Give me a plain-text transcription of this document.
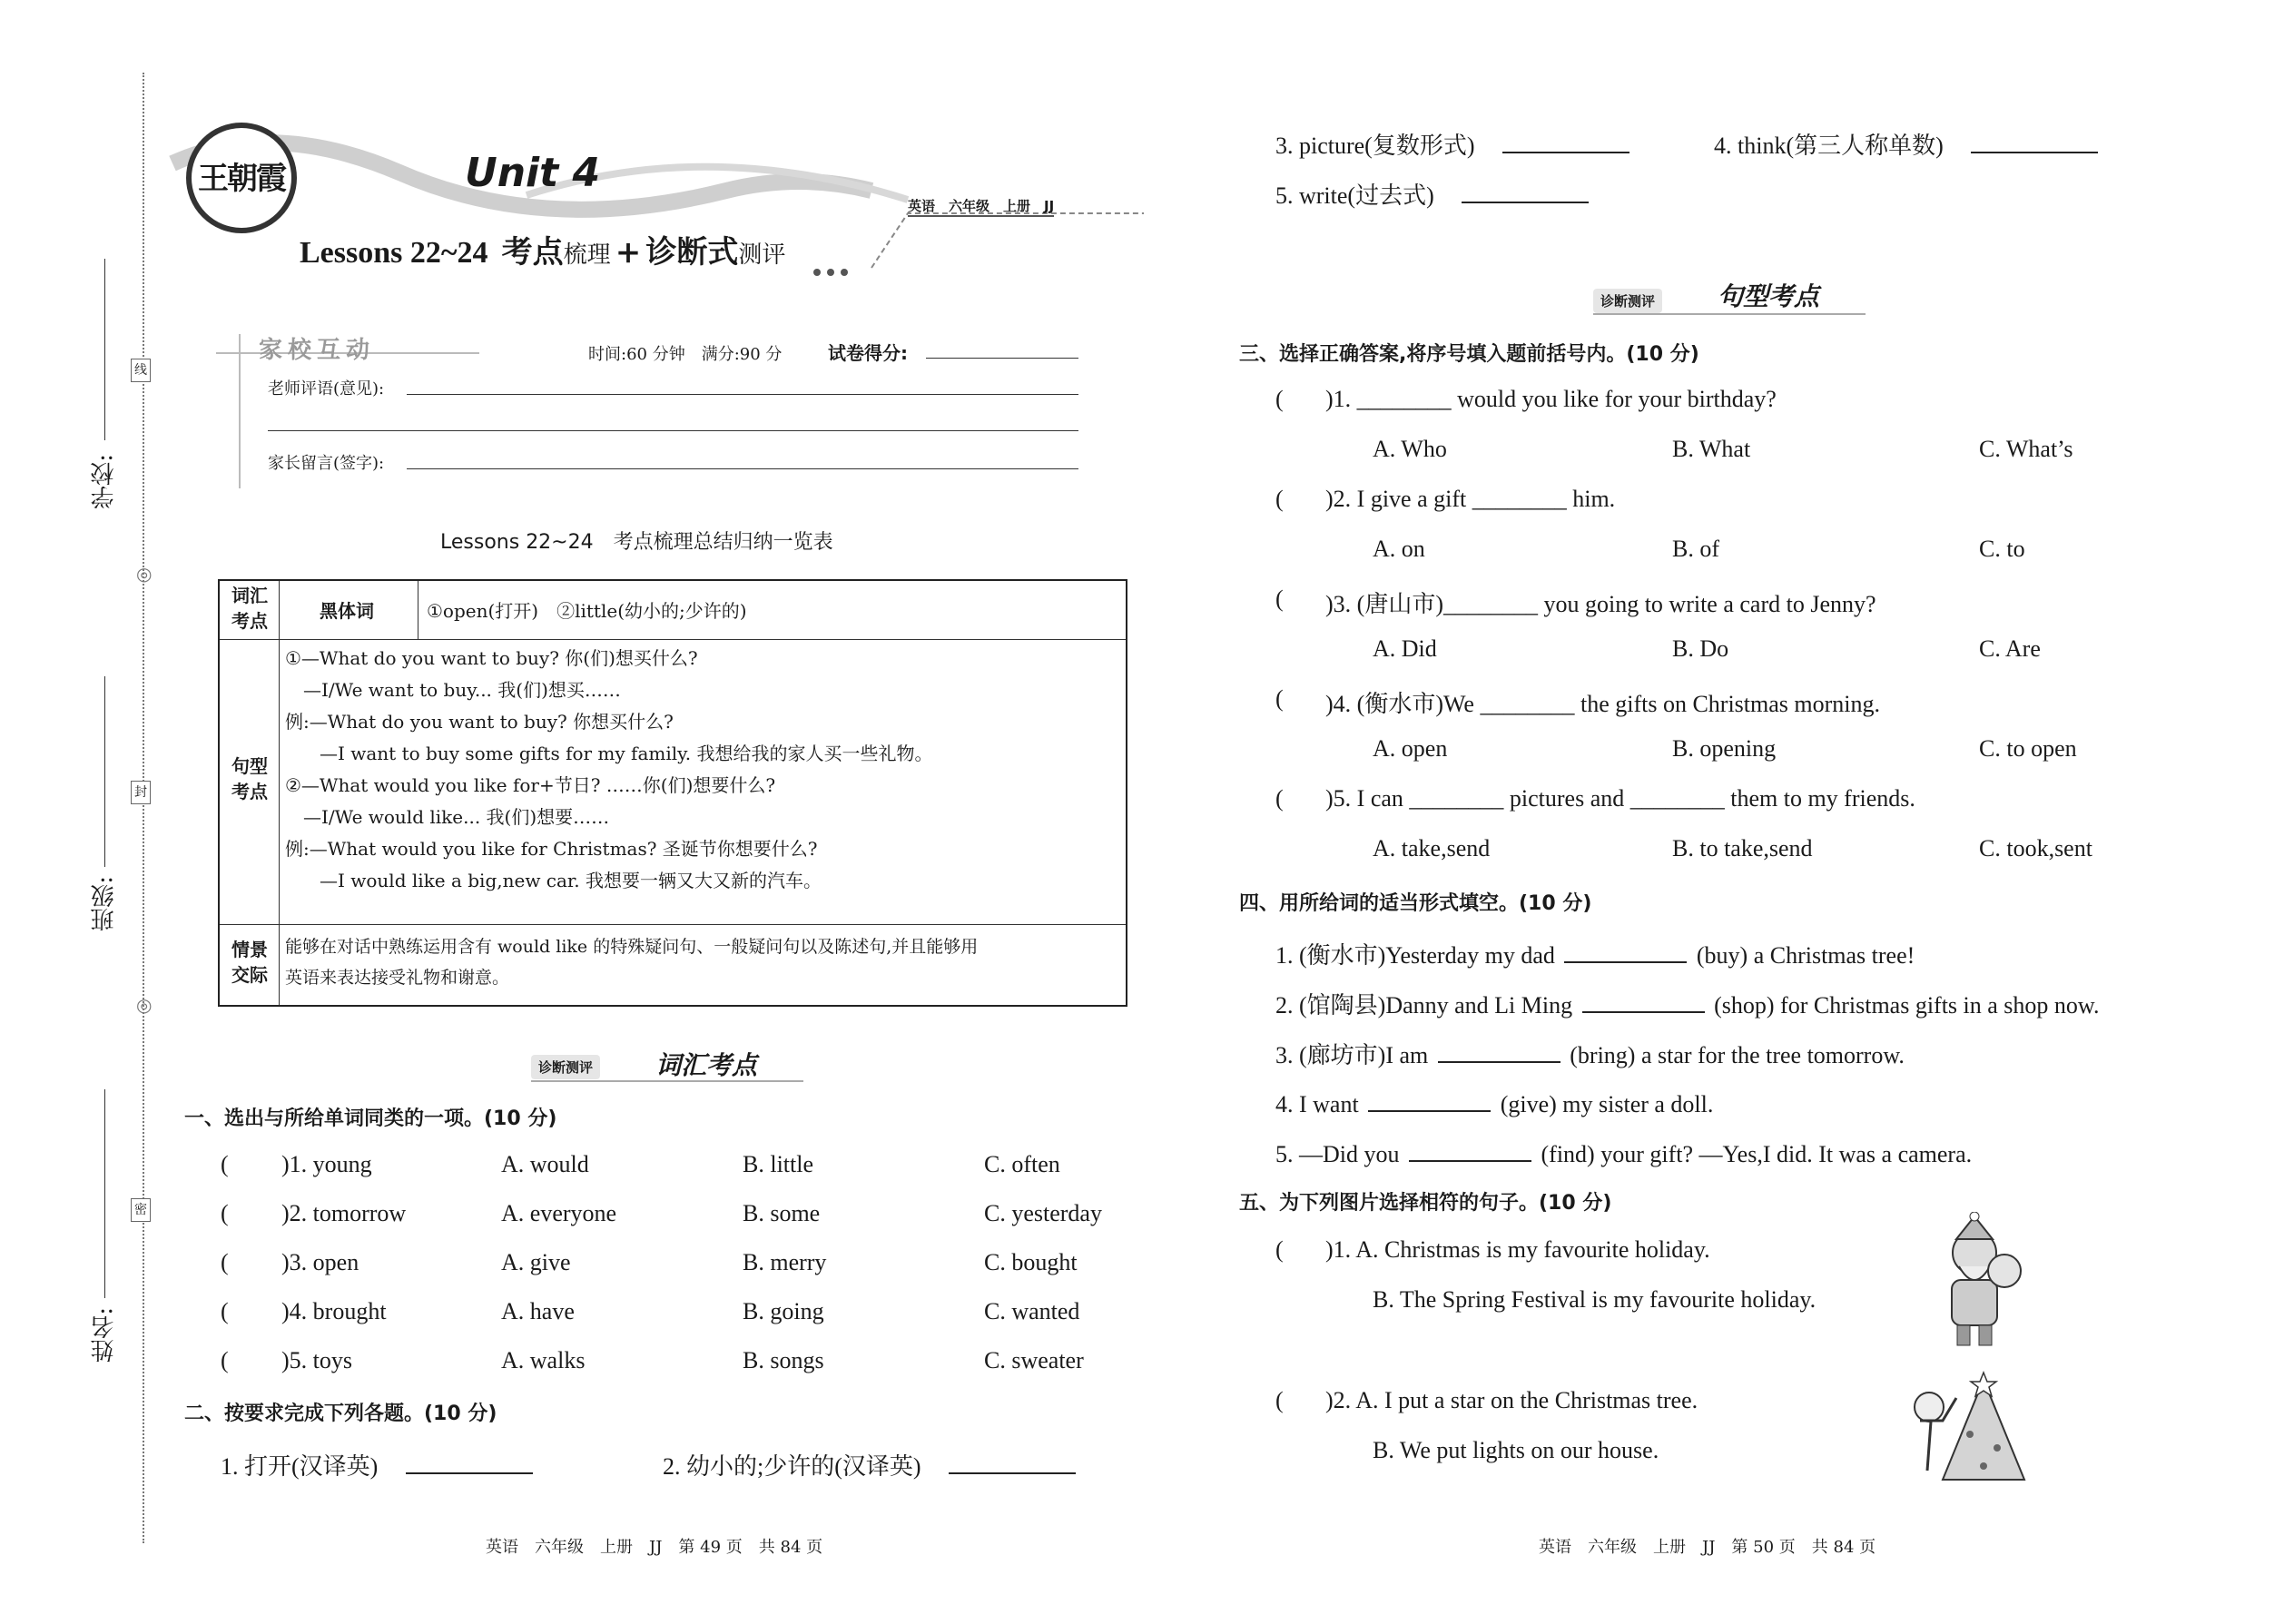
◎
◎
线
封
密
学校:
班级:
姓名:
王朝霞	Unit 4
Lessons 22~24 考点梳理 + 诊断式测评
英语　六年级　上册　JJ
家校互动	时间:60 分钟　满分:90 分	试卷得分:
老师评语(意见):
家长留言(签字):
Lessons 22~24　考点梳理总结归纳一览表
词汇考点	黑体词	①open(打开)　②little(幼小的;少许的)
句型考点
①—What do you want to buy? 你(们)想买什么?
—I/We want to buy... 我(们)想买……
例:—What do you want to buy? 你想买什么?
—I want to buy some gifts for my family. 我想给我的家人买一些礼物。
②—What would you like for+节日? ……你(们)想要什么?
—I/We would like... 我(们)想要……
例:—What would you like for Christmas? 圣诞节你想要什么?
—I would like a big,new car. 我想要一辆又大又新的汽车。
情景交际
能够在对话中熟练运用含有 would like 的特殊疑问句、一般疑问句以及陈述句,并且能够用
英语来表达接受礼物和谢意。
诊断测评 词汇考点
一、选出与所给单词同类的一项。(10 分)
( )1. young	A. would	B. little	C. often
( )2. tomorrow	A. everyone	B. some	C. yesterday
( )3. open	A. give	B. merry	C. bought
( )4. brought	A. have	B. going	C. wanted
( )5. toys	A. walks	B. songs	C. sweater
二、按要求完成下列各题。(10 分)
1. 打开(汉译英)	2. 幼小的;少许的(汉译英)
英语　六年级　上册　JJ　第 49 页　共 84 页	英语　六年级　上册　JJ　第 50 页　共 84 页
3. picture(复数形式)	4. think(第三人称单数)
5. write(过去式)
诊断测评 句型考点
三、选择正确答案,将序号填入题前括号内。(10 分)
( )1. ________ would you like for your birthday?
A. Who	B. What	C. What’s
( )2. I give a gift ________ him.
A. on	B. of	C. to
( )3. (唐山市)________ you going to write a card to Jenny?
A. Did	B. Do	C. Are
( )4. (衡水市)We ________ the gifts on Christmas morning.
A. open	B. opening	C. to open
( )5. I can ________ pictures and ________ them to my friends.
A. take,send	B. to take,send	C. took,sent
四、用所给词的适当形式填空。(10 分)
1. (衡水市)Yesterday my dad	(buy) a Christmas tree!
2. (馆陶县)Danny and Li Ming	(shop) for Christmas gifts in a shop now.
3. (廊坊市)I am	(bring) a star for the tree tomorrow.
4. I want	(give) my sister a doll.
5. —Did you	(find) your gift? —Yes,I did. It was a camera.
五、为下列图片选择相符的句子。(10 分)
( )1. A. Christmas is my favourite holiday.
B. The Spring Festival is my favourite holiday.
( )2. A. I put a star on the Christmas tree.
B. We put lights on our house.
